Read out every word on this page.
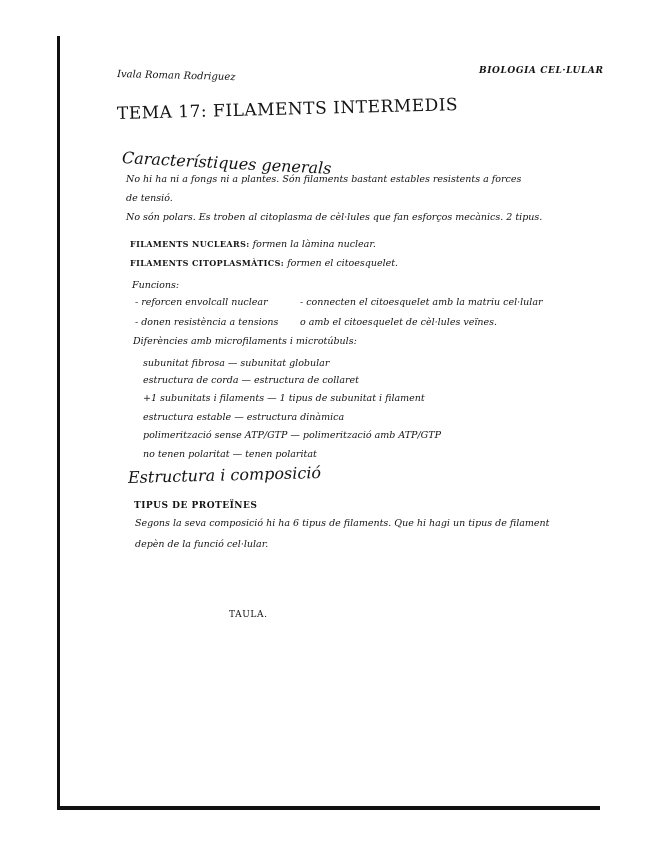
Ivala Roman Rodriguez	BIOLOGIA CEL·LULAR
TEMA 17: FILAMENTS INTERMEDIS
Característiques generals
No hi ha ni a fongs ni a plantes. Són filaments bastant estables resistents a forces
de tensió.
No són polars. Es troben al citoplasma de cèl·lules que fan esforços mecànics. 2 tipus.
FILAMENTS NUCLEARS: formen la làmina nuclear.
FILAMENTS CITOPLASMÀTICS: formen el citoesquelet.
Funcions:
- reforcen envolcall nuclear	- connecten el citoesquelet amb la matriu cel·lular
- donen resistència a tensions o amb el citoesquelet de cèl·lules veïnes.
Diferències amb microfilaments i microtúbuls:
subunitat fibrosa — subunitat globular
estructura de corda — estructura de collaret
+1 subunitats i filaments — 1 tipus de subunitat i filament
estructura estable — estructura dinàmica
polimerització sense ATP/GTP — polimerització amb ATP/GTP
no tenen polaritat — tenen polaritat
Estructura i composició
TIPUS DE PROTEÏNES
Segons la seva composició hi ha 6 tipus de filaments. Que hi hagi un tipus de filament
depèn de la funció cel·lular.
TAULA.
